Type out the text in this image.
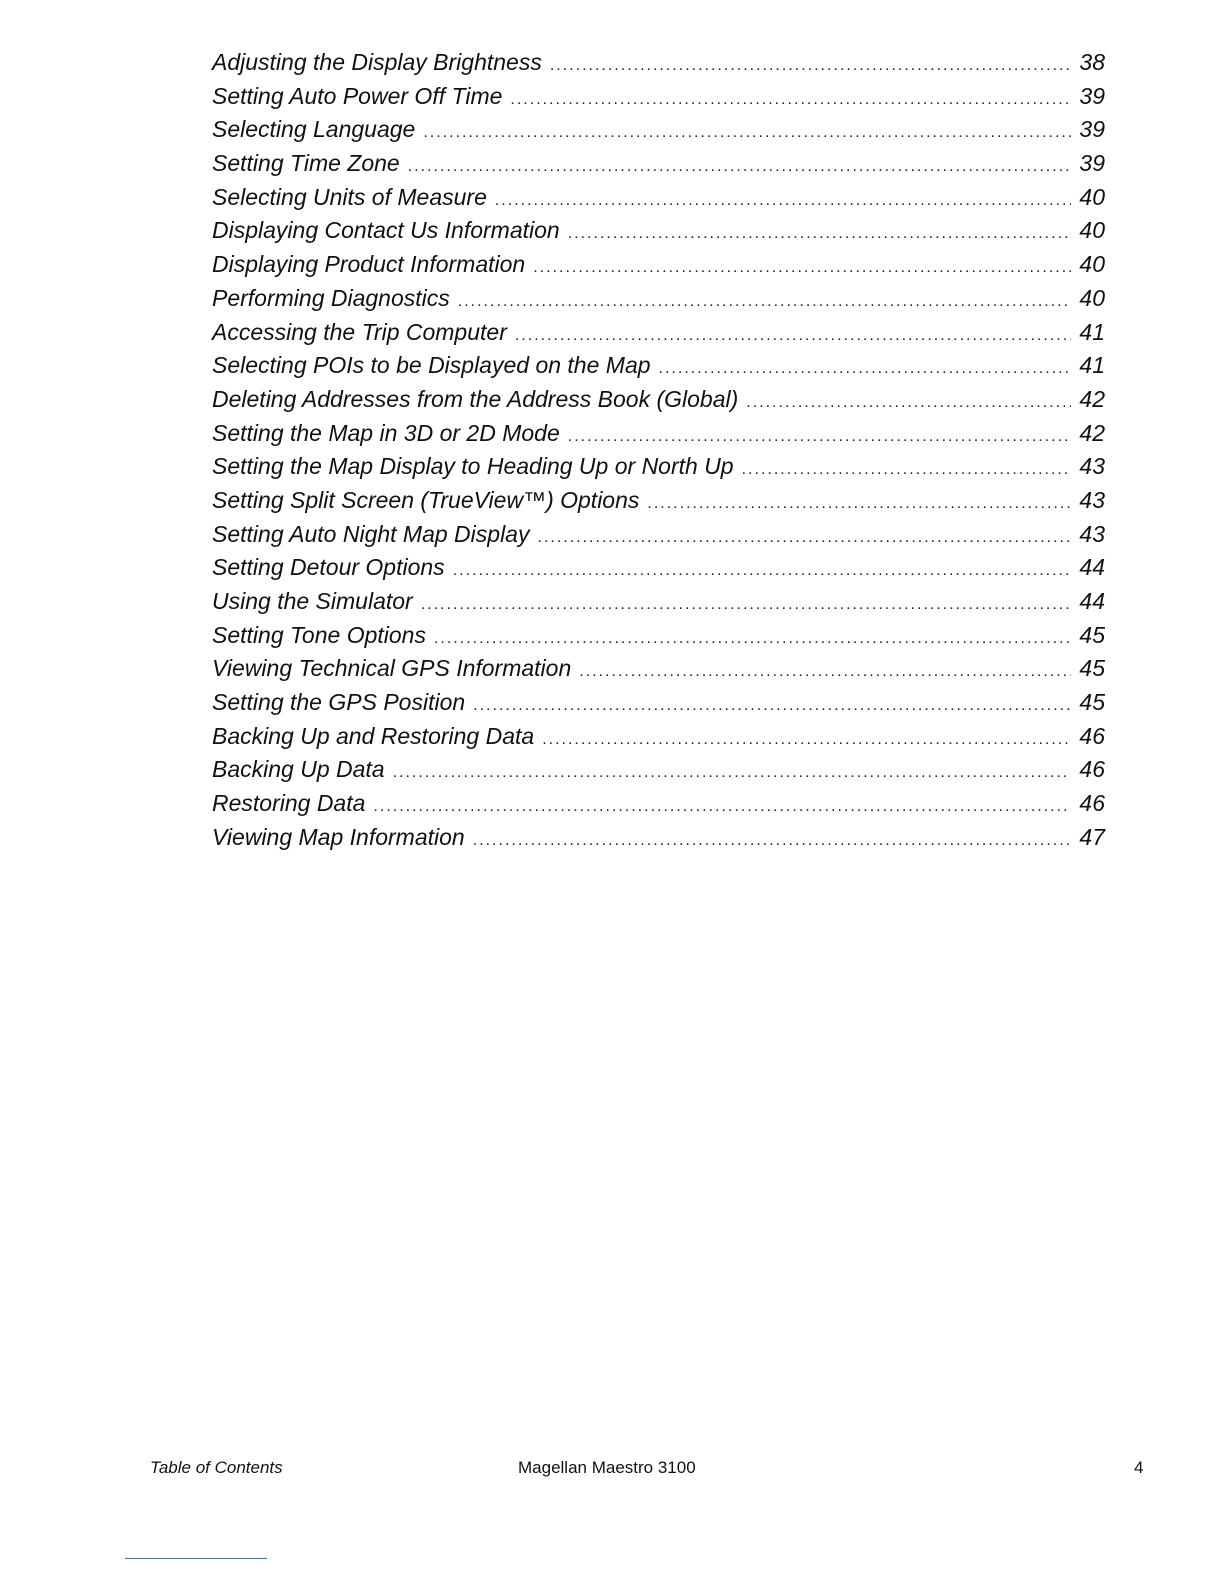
Adjusting the Display Brightness .....	38
Setting Auto Power Off Time .....	39
Selecting Language .....	39
Setting Time Zone .....	39
Selecting Units of Measure .....	40
Displaying Contact Us Information .....	40
Displaying Product Information .....	40
Performing Diagnostics .....	40
Accessing the Trip Computer .....	41
Selecting POIs to be Displayed on the Map .....	41
Deleting Addresses from the Address Book (Global) .....	42
Setting the Map in 3D or 2D Mode .....	42
Setting the Map Display to Heading Up or North Up .....	43
Setting Split Screen (TrueView™) Options .....	43
Setting Auto Night Map Display .....	43
Setting Detour Options .....	44
Using the Simulator .....	44
Setting Tone Options .....	45
Viewing Technical GPS Information .....	45
Setting the GPS Position .....	45
Backing Up and Restoring Data .....	46
Backing Up Data .....	46
Restoring Data .....	46
Viewing Map Information .....	47
Table of Contents	Magellan Maestro 3100	4
